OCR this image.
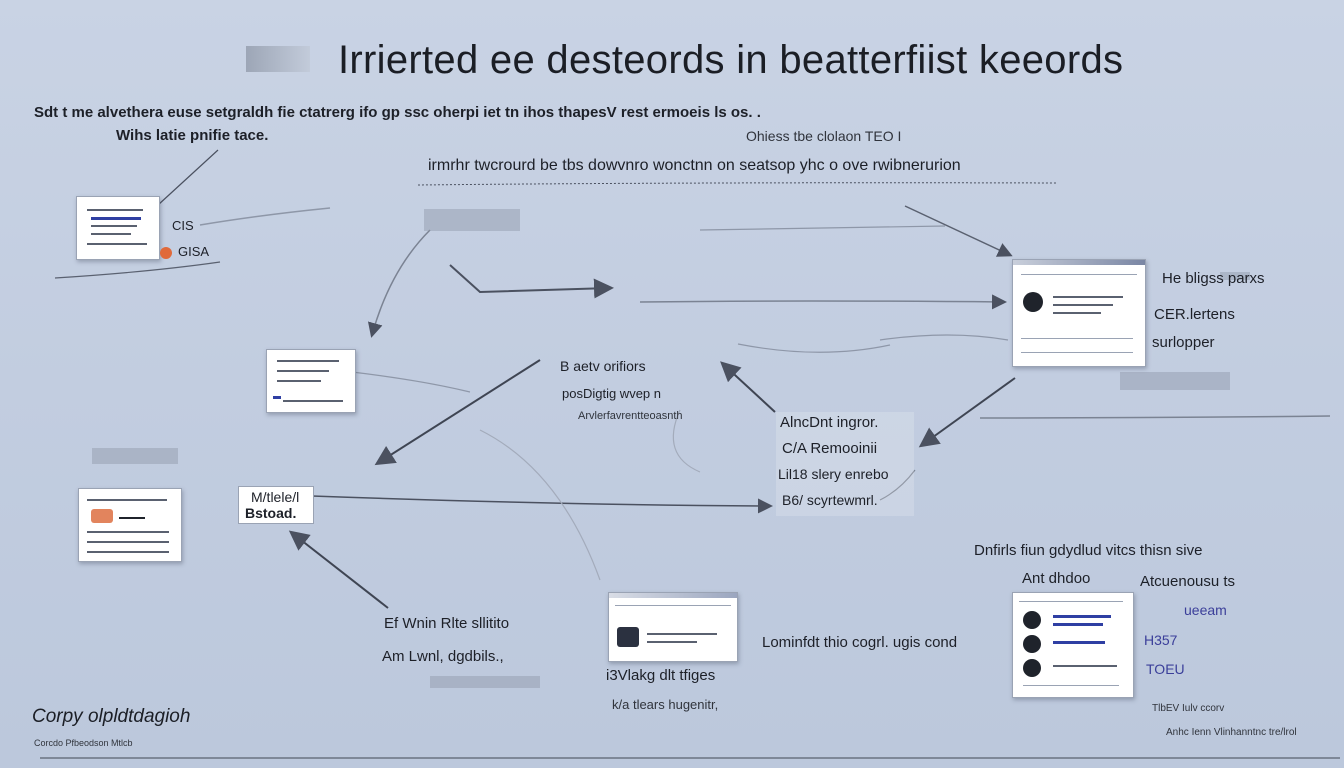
Irrierted ee desteords in beatterfiist keeords
Sdt t me alvethera euse setgraldh fie ctatrerg ifo gp ssc oherpi iet tn ihos thapesV rest ermoeis ls os. .
Wihs latie pnifie tace.	Ohiess tbe clolaon TEO I
irmrhr twcrourd be tbs dowvnro wonctnn on seatsop yhc o ove rwibnerurion
CIS
GISA
M/tlele/l
Bstoad.
B aetv orifiors
posDigtig wvep n
Arvlerfavrentteoasnth	AlncDnt ingror.
C/A Remooinii
Lil18 slery enrebo
B6/ scyrtewmrl.
He bligss parxs
CER.lertens
surlopper
Ef Wnin Rlte sllitito
Am Lwnl, dgdbils.,
i3Vlakg dlt tfiges
k/a tlears hugenitr,
Lominfdt thio cogrl. ugis cond
Dnfirls fiun gdydlud vitcs thisn sive
Ant dhdoo	Atcuenousu ts
ueeam
H357
TOEU
TlbEV Iulv ccorv
Anhc Ienn Vlinhanntnc tre/lrol
Corpy olpldtdagioh
Corcdo Pfbeodson Mtlcb
